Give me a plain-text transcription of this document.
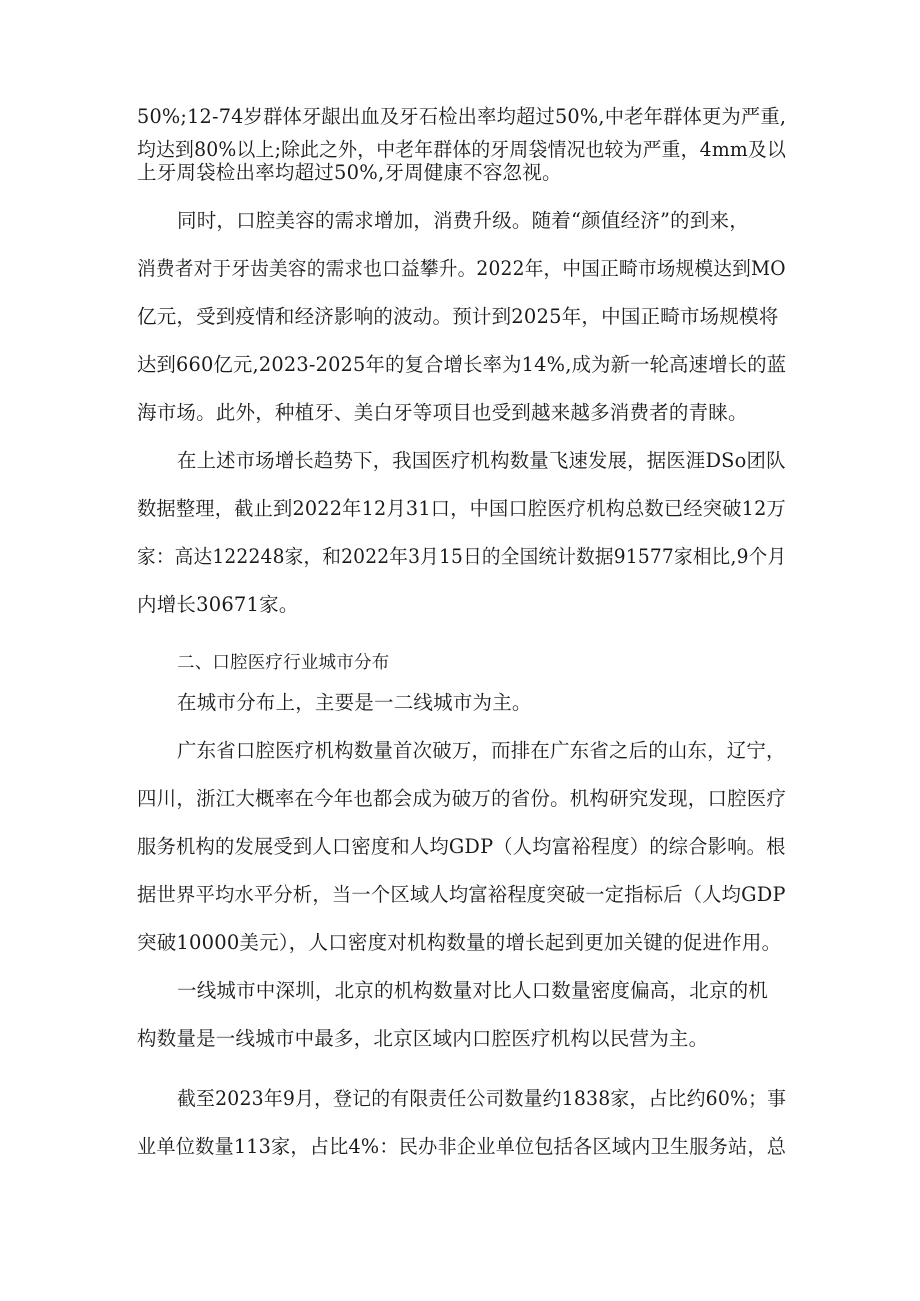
50%;12-74岁群体牙龈出血及牙石检出率均超过50%,中老年群体更为严重,
均达到80%以上;除此之外，中老年群体的牙周袋情况也较为严重，4mm及以
上牙周袋检出率均超过50%,牙周健康不容忽视。
同时，口腔美容的需求增加，消费升级。随着“颜值经济”的到来，
消费者对于牙齿美容的需求也口益攀升。2022年，中国正畸市场规模达到MO
亿元，受到疫情和经济影响的波动。预计到2025年，中国正畸市场规模将
达到660亿元,2023-2025年的复合增长率为14%,成为新一轮高速增长的蓝
海市场。此外，种植牙、美白牙等项目也受到越来越多消费者的青睐。
在上述市场增长趋势下，我国医疗机构数量飞速发展，据医涯DSo团队
数据整理，截止到2022年12月31口，中国口腔医疗机构总数已经突破12万
家：高达122248家，和2022年3月15日的全国统计数据91577家相比,9个月
内增长30671家。
二、口腔医疗行业城市分布
在城市分布上，主要是一二线城市为主。
广东省口腔医疗机构数量首次破万，而排在广东省之后的山东，辽宁，
四川，浙江大概率在今年也都会成为破万的省份。机构研究发现，口腔医疗
服务机构的发展受到人口密度和人均GDP（人均富裕程度）的综合影响。根
据世界平均水平分析，当一个区域人均富裕程度突破一定指标后（人均GDP
突破10000美元），人口密度对机构数量的增长起到更加关键的促进作用。
一线城市中深圳，北京的机构数量对比人口数量密度偏高，北京的机
构数量是一线城市中最多，北京区域内口腔医疗机构以民营为主。
截至2023年9月，登记的有限责任公司数量约1838家，占比约60%；事
业单位数量113家，占比4%：民办非企业单位包括各区域内卫生服务站，总
